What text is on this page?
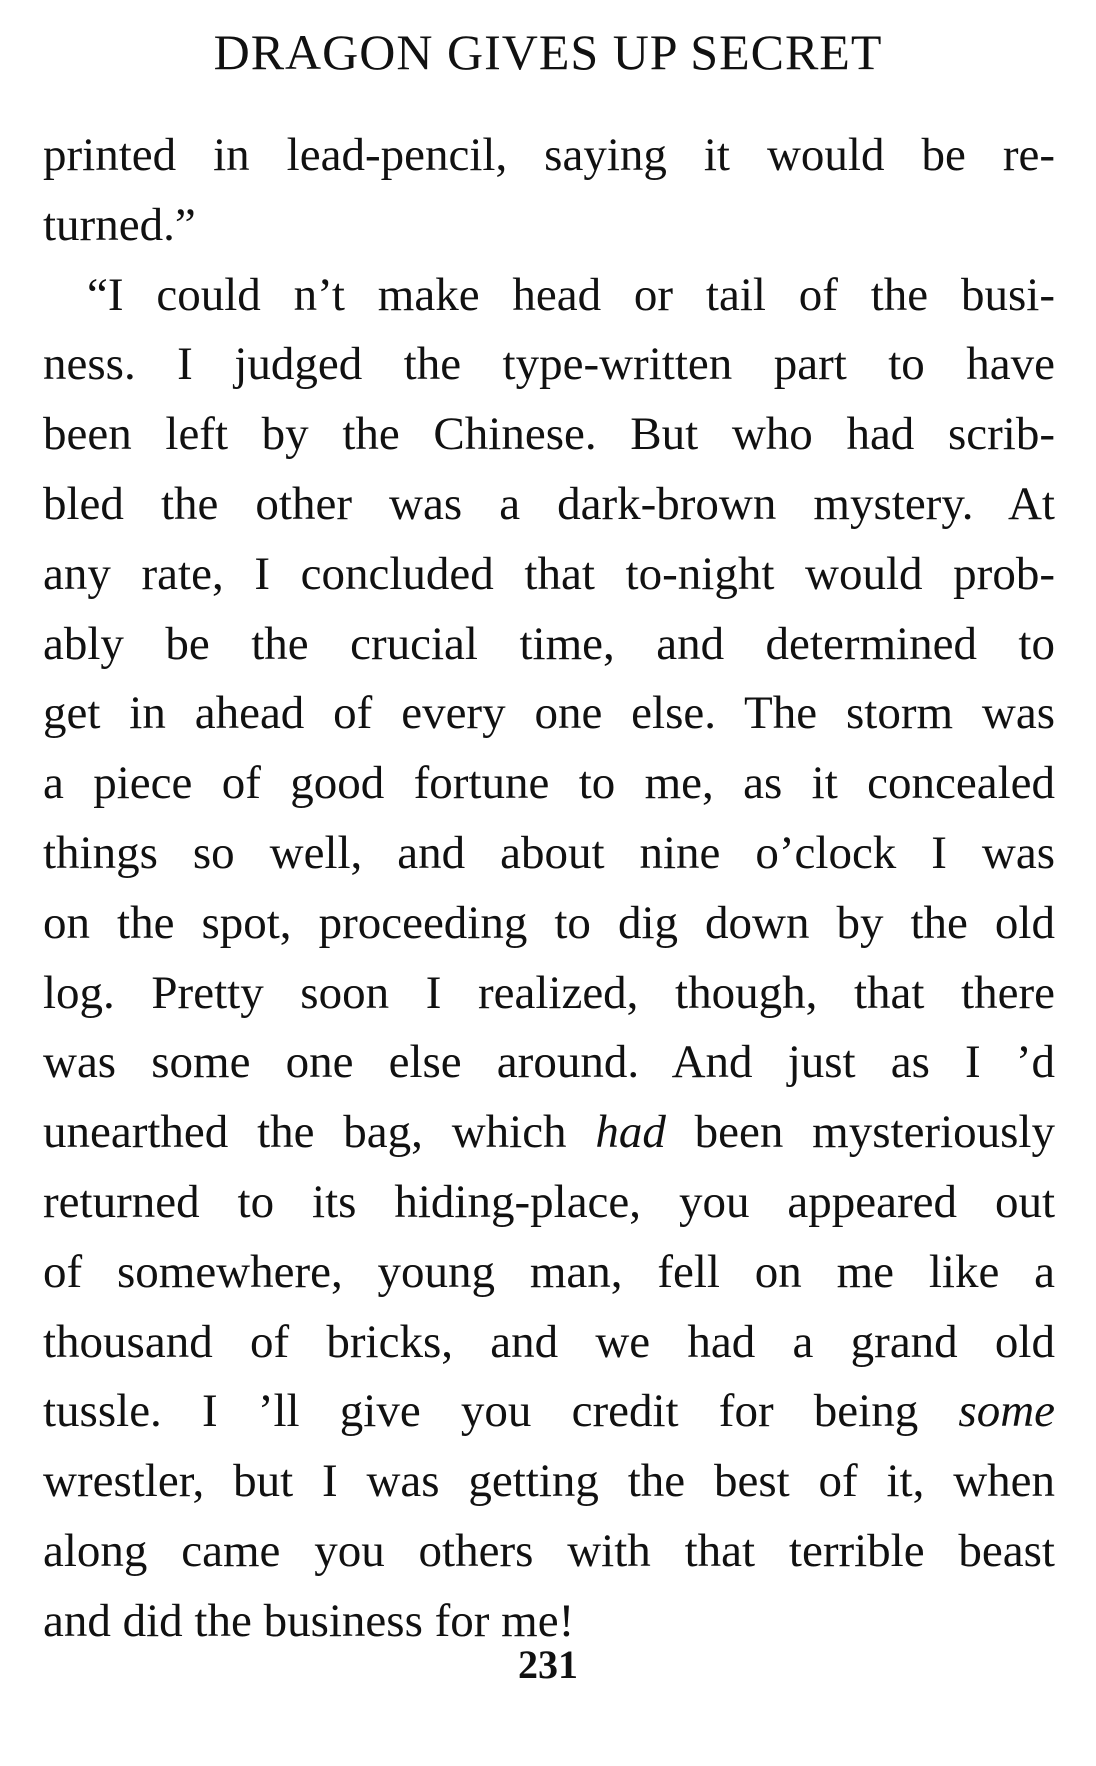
DRAGON GIVES UP SECRET
printed in lead-pencil, saying it would be re-
turned.”
“I could n’t make head or tail of the busi-
ness. I judged the type-written part to have
been left by the Chinese. But who had scrib-
bled the other was a dark-brown mystery. At
any rate, I concluded that to-night would prob-
ably be the crucial time, and determined to
get in ahead of every one else. The storm was
a piece of good fortune to me, as it concealed
things so well, and about nine o’clock I was
on the spot, proceeding to dig down by the old
log. Pretty soon I realized, though, that there
was some one else around. And just as I ’d
unearthed the bag, which had been mysteriously
returned to its hiding-place, you appeared out
of somewhere, young man, fell on me like a
thousand of bricks, and we had a grand old
tussle. I ’ll give you credit for being some
wrestler, but I was getting the best of it, when
along came you others with that terrible beast
and did the business for me!
231
